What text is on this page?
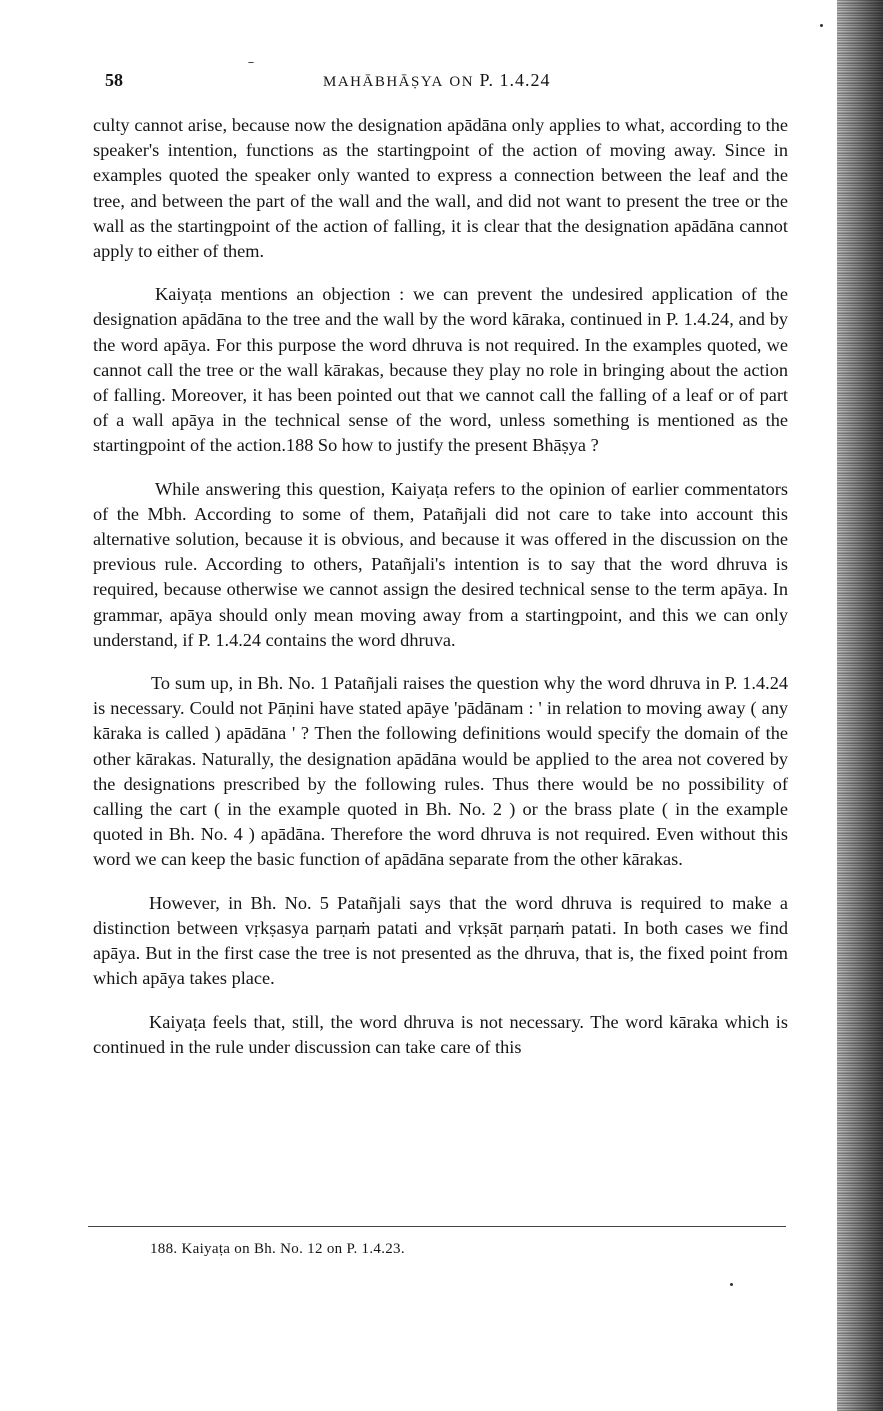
58	MAHĀBHĀṢYA ON P. 1.4.24

culty cannot arise, because now the designation apādāna only applies to what, according to the speaker's intention, functions as the startingpoint of the action of moving away. Since in examples quoted the speaker only wanted to express a connection between the leaf and the tree, and between the part of the wall and the wall, and did not want to present the tree or the wall as the startingpoint of the action of falling, it is clear that the designation apādāna cannot apply to either of them.

Kaiyaṭa mentions an objection : we can prevent the undesired application of the designation apādāna to the tree and the wall by the word kāraka, continued in P. 1.4.24, and by the word apāya. For this purpose the word dhruva is not required. In the examples quoted, we cannot call the tree or the wall kārakas, because they play no role in bringing about the action of falling. Moreover, it has been pointed out that we cannot call the falling of a leaf or of part of a wall apāya in the technical sense of the word, unless something is mentioned as the startingpoint of the action.188 So how to justify the present Bhāṣya ?

While answering this question, Kaiyaṭa refers to the opinion of earlier commentators of the Mbh. According to some of them, Patañjali did not care to take into account this alternative solution, because it is obvious, and because it was offered in the discussion on the previous rule. According to others, Patañjali's intention is to say that the word dhruva is required, because otherwise we cannot assign the desired technical sense to the term apāya. In grammar, apāya should only mean moving away from a startingpoint, and this we can only understand, if P. 1.4.24 contains the word dhruva.

To sum up, in Bh. No. 1 Patañjali raises the question why the word dhruva in P. 1.4.24 is necessary. Could not Pāṇini have stated apāye 'pādānam : ' in relation to moving away ( any kāraka is called ) apādāna ' ? Then the following definitions would specify the domain of the other kārakas. Naturally, the designation apādāna would be applied to the area not covered by the designations prescribed by the following rules. Thus there would be no possibility of calling the cart ( in the example quoted in Bh. No. 2 ) or the brass plate ( in the example quoted in Bh. No. 4 ) apādāna. Therefore the word dhruva is not required. Even without this word we can keep the basic function of apādāna separate from the other kārakas.

However, in Bh. No. 5 Patañjali says that the word dhruva is required to make a distinction between vṛkṣasya parṇaṁ patati and vṛkṣāt parṇaṁ patati. In both cases we find apāya. But in the first case the tree is not presented as the dhruva, that is, the fixed point from which apāya takes place.

Kaiyaṭa feels that, still, the word dhruva is not necessary. The word kāraka which is continued in the rule under discussion can take care of this

188. Kaiyaṭa on Bh. No. 12 on P. 1.4.23.
